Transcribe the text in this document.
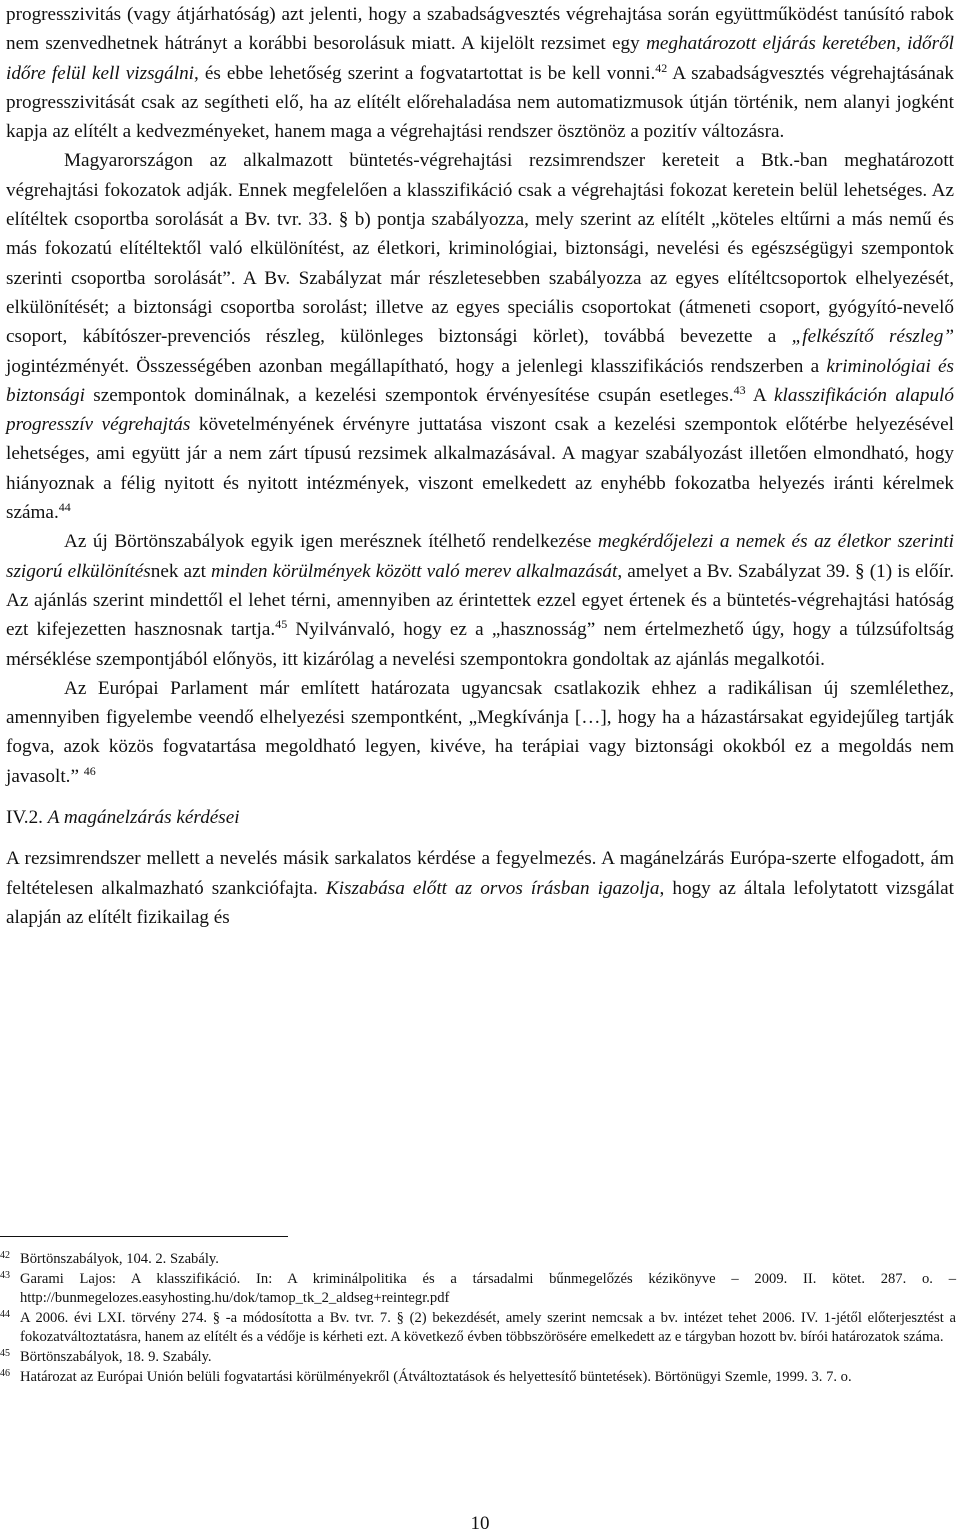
progresszivitás (vagy átjárhatóság) azt jelenti, hogy a szabadságvesztés végrehajtása során együttműködést tanúsító rabok nem szenvedhetnek hátrányt a korábbi besorolásuk miatt. A kijelölt rezsimet egy meghatározott eljárás keretében, időről időre felül kell vizsgálni, és ebbe lehetőség szerint a fogvatartottat is be kell vonni.$^{42}$ A szabadságvesztés végrehajtásának progresszivitását csak az segítheti elő, ha az elítélt előrehaladása nem automatizmusok útján történik, nem alanyi jogként kapja az elítélt a kedvezményeket, hanem maga a végrehajtási rendszer ösztönöz a pozitív változásra.

Magyarországon az alkalmazott büntetés-végrehajtási rezsimrendszer kereteit a Btk.-ban meghatározott végrehajtási fokozatok adják. Ennek megfelelően a klasszifikáció csak a végrehajtási fokozat keretein belül lehetséges. Az elítéltek csoportba sorolását a Bv. tvr. 33. § b) pontja szabályozza, mely szerint az elítélt „köteles eltűrni a más nemű és más fokozatú elítéltektől való elkülönítést, az életkori, kriminológiai, biztonsági, nevelési és egészségügyi szempontok szerinti csoportba sorolását”. A Bv. Szabályzat már részletesebben szabályozza az egyes elítéltcsoportok elhelyezését, elkülönítését; a biztonsági csoportba sorolást; illetve az egyes speciális csoportokat (átmeneti csoport, gyógyító-nevelő csoport, kábítószer-prevenciós részleg, különleges biztonsági körlet), továbbá bevezette a „felkészítő részleg” jogintézményét. Összességében azonban megállapítható, hogy a jelenlegi klasszifikációs rendszerben a kriminológiai és biztonsági szempontok dominálnak, a kezelési szempontok érvényesítése csupán esetleges.$^{43}$ A klasszifikáción alapuló progresszív végrehajtás követelményének érvényre juttatása viszont csak a kezelési szempontok előtérbe helyezésével lehetséges, ami együtt jár a nem zárt típusú rezsimek alkalmazásával. A magyar szabályozást illetően elmondható, hogy hiányoznak a félig nyitott és nyitott intézmények, viszont emelkedett az enyhébb fokozatba helyezés iránti kérelmek száma.$^{44}$

Az új Börtönszabályok egyik igen merésznek ítélhető rendelkezése megkérdőjelezi a nemek és az életkor szerinti szigorú elkülönítésnek azt minden körülmények között való merev alkalmazását, amelyet a Bv. Szabályzat 39. § (1) is előír. Az ajánlás szerint mindettől el lehet térni, amennyiben az érintettek ezzel egyet értenek és a büntetés-végrehajtási hatóság ezt kifejezetten hasznosnak tartja.$^{45}$ Nyilvánvaló, hogy ez a „hasznosság” nem értelmezhető úgy, hogy a túlzsúfoltság mérséklése szempontjából előnyös, itt kizárólag a nevelési szempontokra gondoltak az ajánlás megalkotói.

Az Európai Parlament már említett határozata ugyancsak csatlakozik ehhez a radikálisan új szemlélethez, amennyiben figyelembe veendő elhelyezési szempontként, „Megkívánja […], hogy ha a házastársakat egyidejűleg tartják fogva, azok közös fogvatartása megoldható legyen, kivéve, ha terápiai vagy biztonsági okokból ez a megoldás nem javasolt.” $^{46}$

IV.2. A magánelzárás kérdései

A rezsimrendszer mellett a nevelés másik sarkalatos kérdése a fegyelmezés. A magánelzárás Európa-szerte elfogadott, ám feltételesen alkalmazható szankciófajta. Kiszabása előtt az orvos írásban igazolja, hogy az általa lefolytatott vizsgálat alapján az elítélt fizikailag és

$^{42}$ Börtönszabályok, 104. 2. Szabály.

$^{43}$ Garami Lajos: A klasszifikáció. In: A kriminálpolitika és a társadalmi bűnmegelőzés kézikönyve – 2009. II. kötet. 287. o. – http://bunmegelozes.easyhosting.hu/dok/tamop_tk_2_aldseg+reintegr.pdf

$^{44}$ A 2006. évi LXI. törvény 274. § -a módosította a Bv. tvr. 7. § (2) bekezdését, amely szerint nemcsak a bv. intézet tehet 2006. IV. 1-jétől előterjesztést a fokozatváltoztatásra, hanem az elítélt és a védője is kérheti ezt. A következő évben többszörösére emelkedett az e tárgyban hozott bv. bírói határozatok száma.

$^{45}$ Börtönszabályok, 18. 9. Szabály.

$^{46}$ Határozat az Európai Unión belüli fogvatartási körülményekről (Átváltoztatások és helyettesítő büntetések). Börtönügyi Szemle, 1999. 3. 7. o.

10
